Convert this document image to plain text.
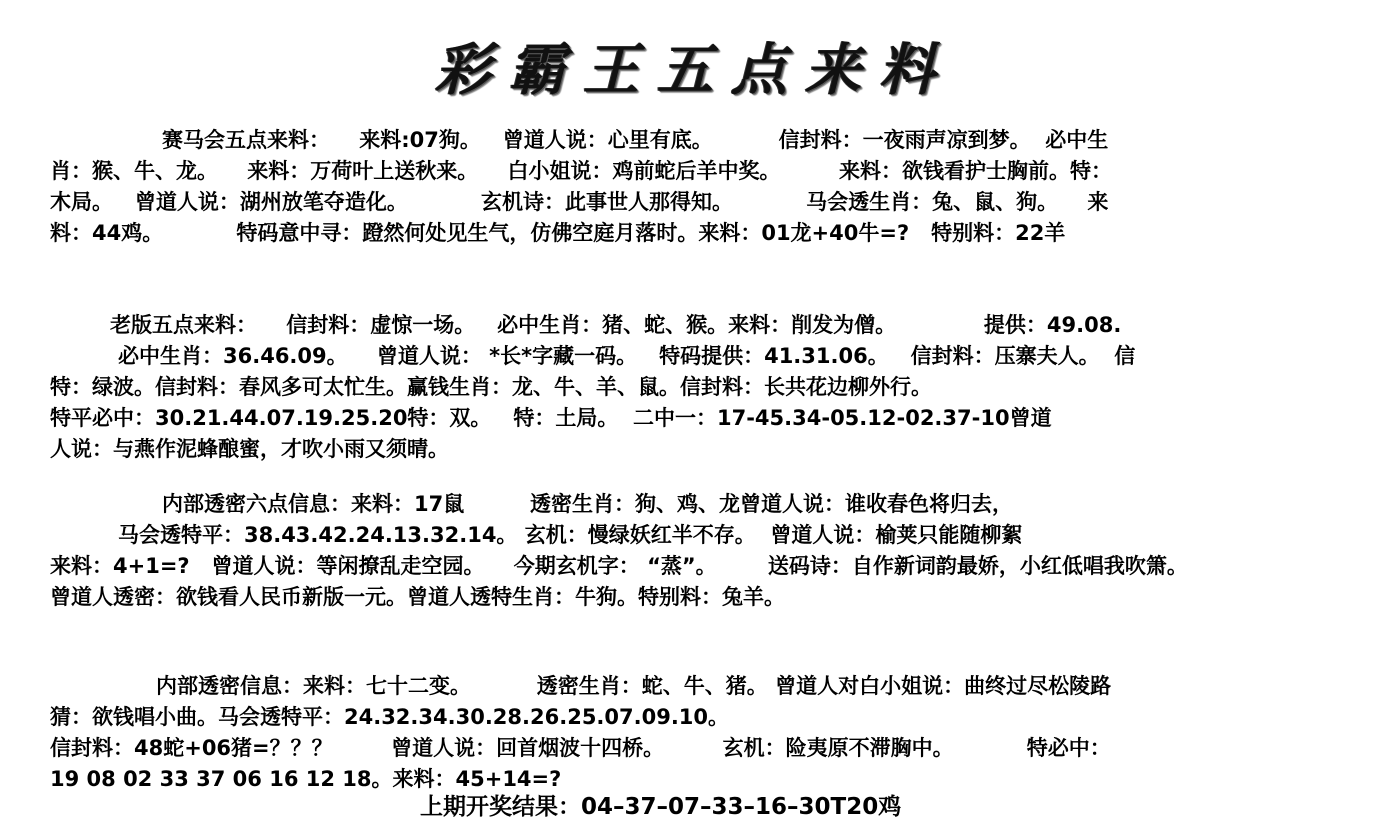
彩霸王五点来料
赛马会五点来料：    来料:07狗。   曾道人说：心里有底。         信封料：一夜雨声凉到梦。  必中生
肖：猴、牛、龙。    来料：万荷叶上送秋来。    白小姐说：鸡前蛇后羊中奖。        来料：欲钱看护士胸前。特：
木局。   曾道人说：湖州放笔夺造化。          玄机诗：此事世人那得知。          马会透生肖：兔、鼠、狗。    来
料：44鸡。          特码意中寻：蹬然何处见生气，仿佛空庭月落时。来料：01龙+40牛=?   特别料：22羊
老版五点来料：    信封料：虚惊一场。   必中生肖：猪、蛇、猴。来料：削发为僧。            提供：49.08.
必中生肖：36.46.09。    曾道人说： *长*字藏一码。   特码提供：41.31.06。   信封料：压寨夫人。  信
特：绿波。信封料：春风多可太忙生。赢钱生肖：龙、牛、羊、鼠。信封料：长共花边柳外行。
特平必中：30.21.44.07.19.25.20特：双。   特：土局。  二中一：17-45.34-05.12-02.37-10曾道
人说：与燕作泥蜂酿蜜，才吹小雨又须晴。
内部透密六点信息：来料：17鼠         透密生肖：狗、鸡、龙曾道人说：谁收春色将归去，
马会透特平：38.43.42.24.13.32.14。 玄机：慢绿妖红半不存。  曾道人说：榆荚只能随柳絮
来料：4+1=?   曾道人说：等闲撩乱走空园。    今期玄机字： “蒸”。       送码诗：自作新词韵最娇，小红低唱我吹箫。
曾道人透密：欲钱看人民币新版一元。曾道人透特生肖：牛狗。特别料：兔羊。
内部透密信息：来料：七十二变。         透密生肖：蛇、牛、猪。 曾道人对白小姐说：曲终过尽松陵路
猜：欲钱唱小曲。马会透特平：24.32.34.30.28.26.25.07.09.10。
信封料：48蛇+06猪=？？？        曾道人说：回首烟波十四桥。        玄机：险夷原不滞胸中。          特必中：
19 08 02 33 37 06 16 12 18。来料：45+14=?
上期开奖结果：04–37–07–33–16–30T20鸡
